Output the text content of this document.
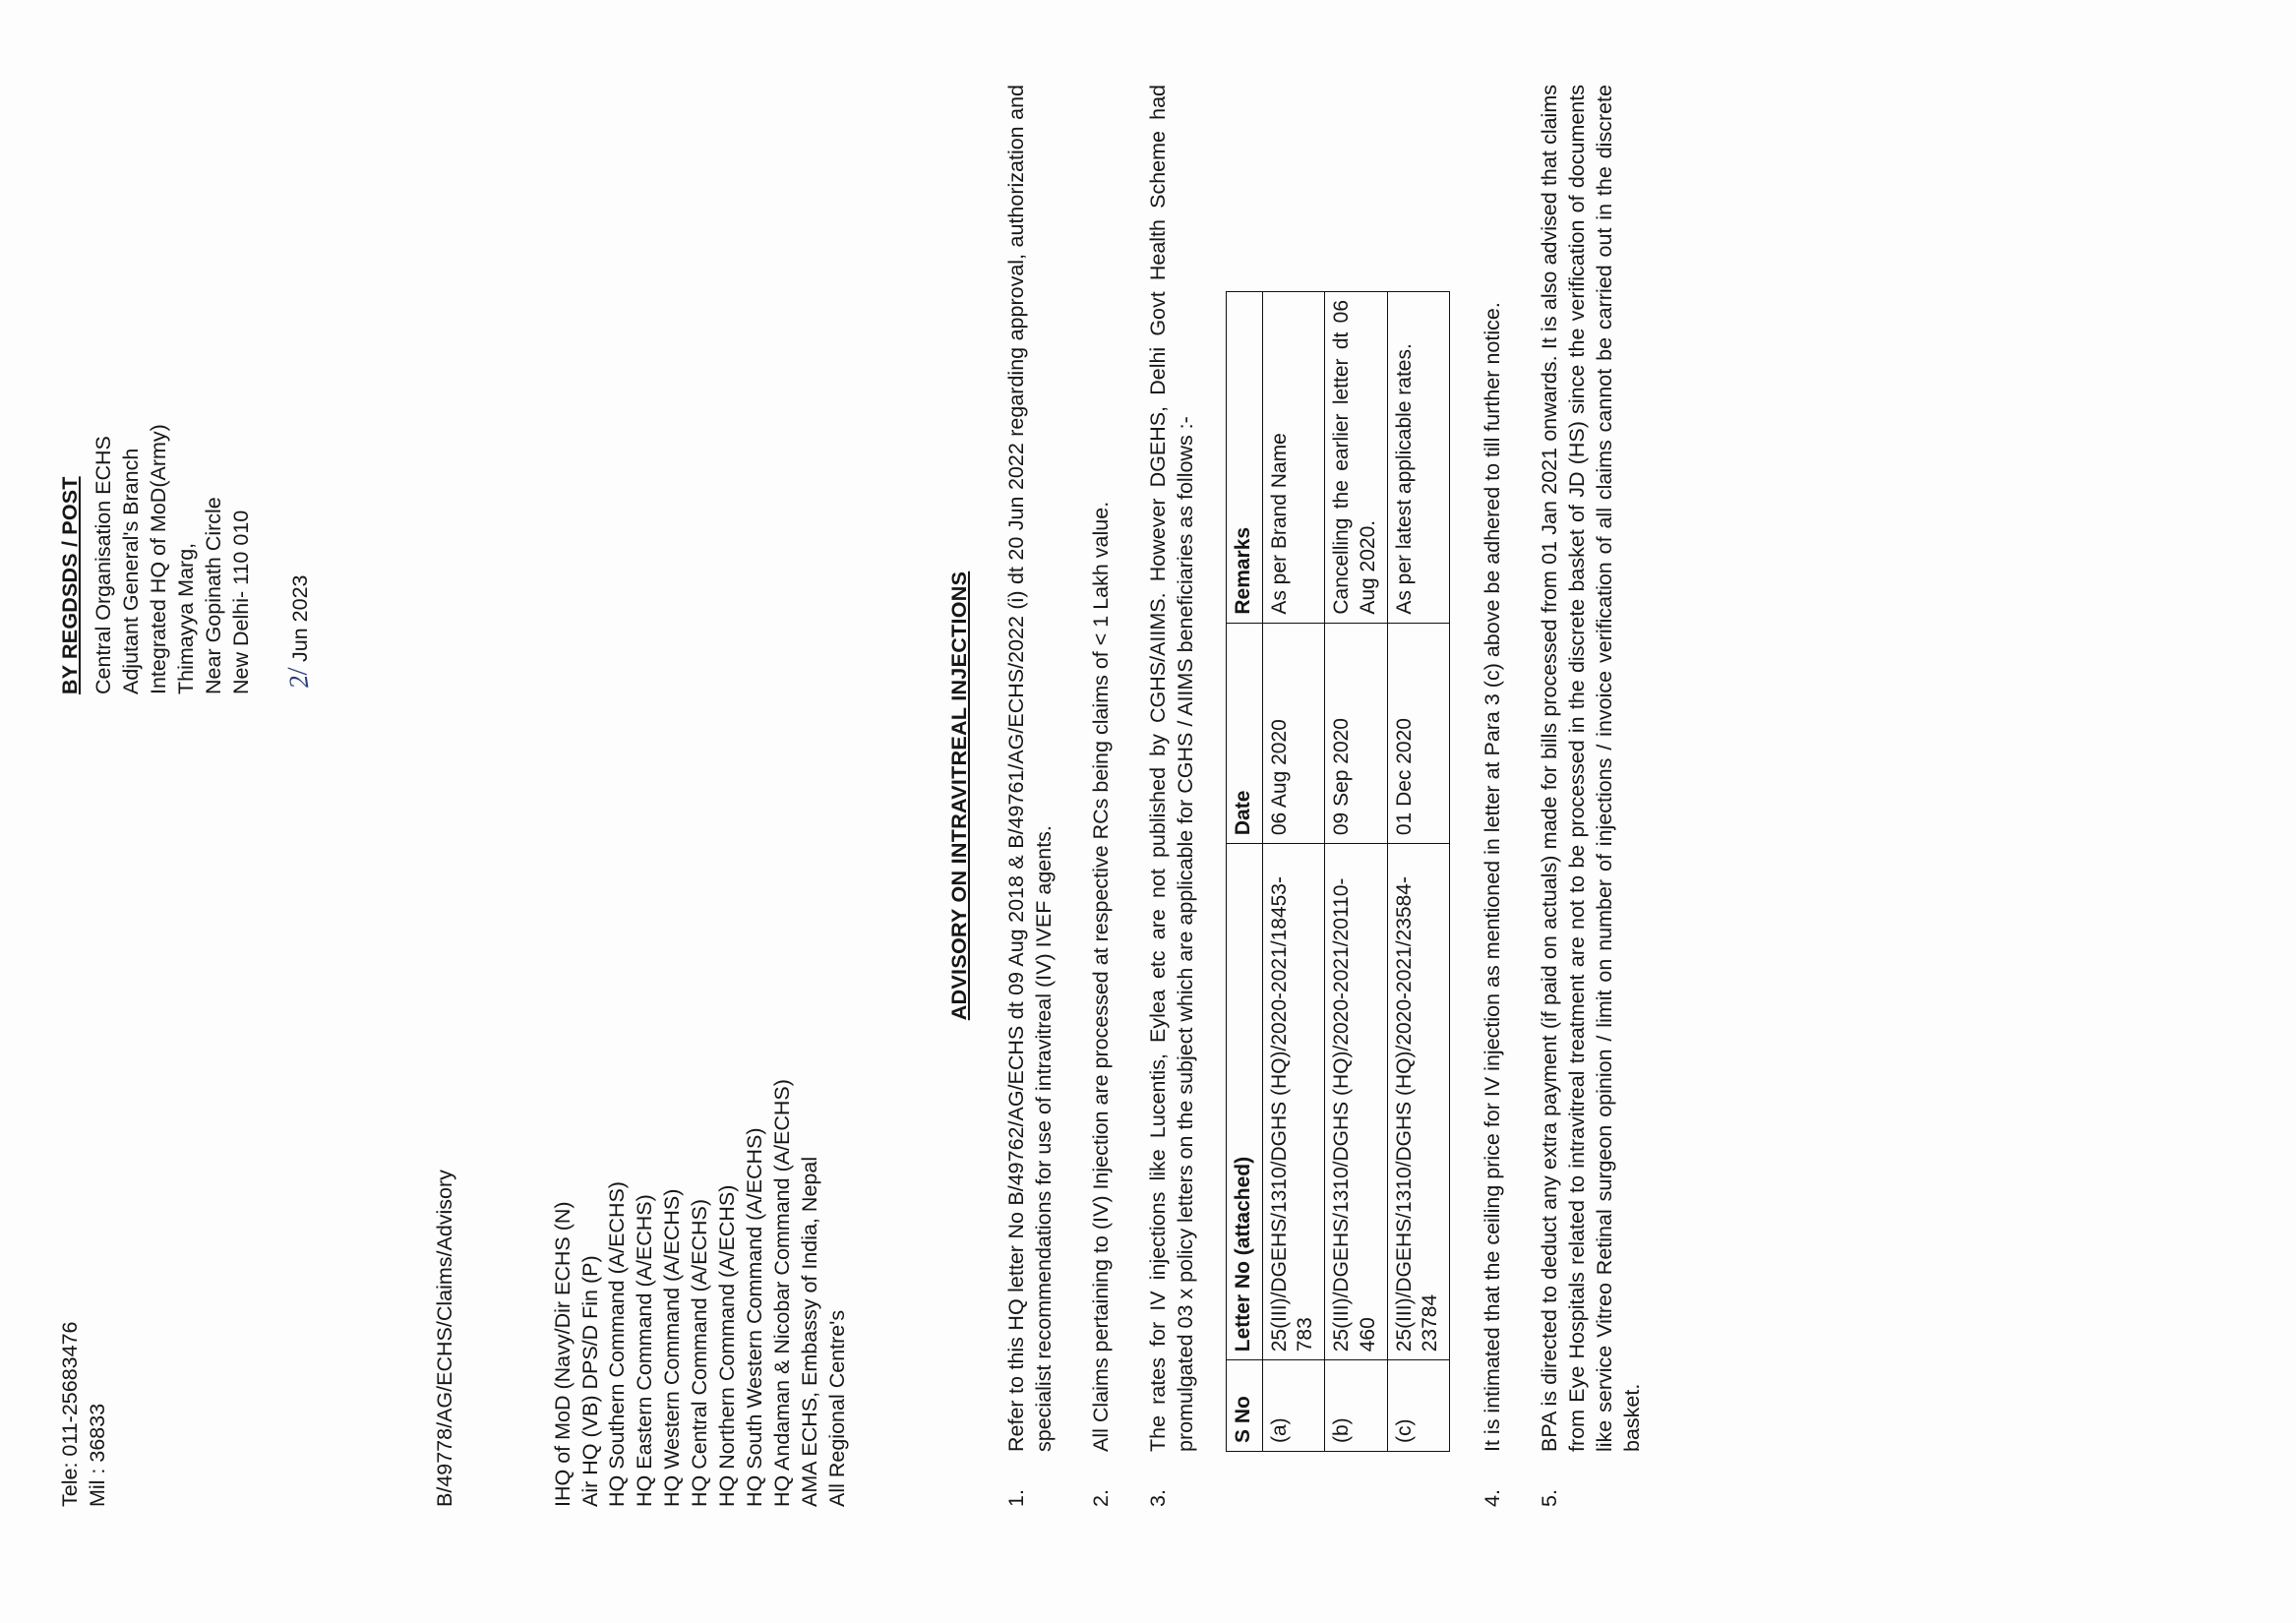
Tele: 011-25683476 Mil : 36833
BY REGDSDS / POST Central Organisation ECHS Adjutant General's Branch Integrated HQ of MoD(Army) Thimayya Marg, Near Gopinath Circle New Delhi- 110 010 2/
Jun 2023
B/49778/AG/ECHS/Claims/Advisory	IHQ of MoD (Navy/Dir ECHS (N) Air HQ (VB) DPS/D Fin (P) HQ Southern Command (A/ECHS) HQ Eastern Command (A/ECHS) HQ Western Command (A/ECHS) HQ Central Command (A/ECHS) HQ Northern Command (A/ECHS) HQ South Western Command (A/ECHS) HQ Andaman & Nicobar Command (A/ECHS) AMA ECHS, Embassy of India, Nepal All Regional Centre's
ADVISORY ON INTRAVITREAL INJECTIONS
1.
Refer to this HQ letter No B/49762/AG/ECHS dt 09 Aug 2018 & B/49761/AG/ECHS/2022 (i) dt 20 Jun 2022 regarding approval, authorization and specialist recommendations for use of intravitreal (IV) IVEF agents.
2.
All Claims pertaining to (IV) Injection are processed at respective RCs being claims of < 1 Lakh value.
3.
The rates for IV injections like Lucentis, Eylea etc are not published by CGHS/AIIMS. However DGEHS, Delhi Govt Health Scheme had promulgated 03 x policy letters on the subject which are applicable for CGHS / AIIMS beneficiaries as follows :- S No	Letter No (attached)	Date	Remarks
(a)	25(III)/DGEHS/1310/DGHS (HQ)/2020-2021/18453-783	06 Aug 2020	As per Brand Name
(b)	25(III)/DGEHS/1310/DGHS (HQ)/2020-2021/20110-460	09 Sep 2020	Cancelling the earlier letter dt 06 Aug 2020.
(c)	25(III)/DGEHS/1310/DGHS (HQ)/2020-2021/23584-23784	01 Dec 2020	As per latest applicable rates.
4.
It is intimated that the ceiling price for IV injection as mentioned in letter at Para 3 (c) above be adhered to till further notice.
5.
BPA is directed to deduct any extra payment (if paid on actuals) made for bills processed from 01 Jan 2021 onwards. It is also advised that claims from Eye Hospitals related to intravitreal treatment are not to be processed in the discrete basket of JD (HS) since the verification of documents like service Vitreo Retinal surgeon opinion / limit on number of injections / invoice verification of all claims cannot be carried out in the discrete basket.
